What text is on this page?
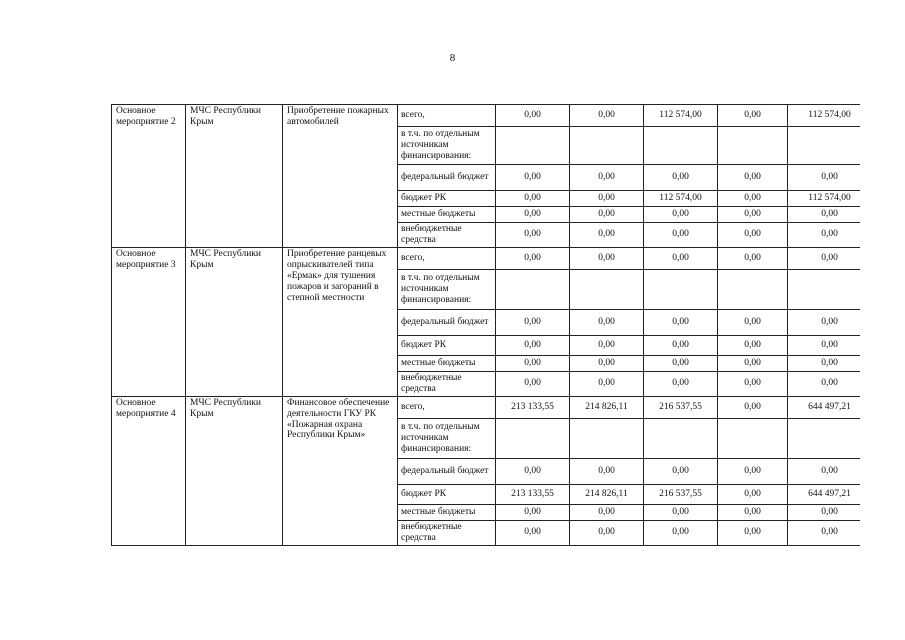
8
Основное мероприятие 2	МЧС Республики Крым	Приобретение пожарных автомобилей	всего,	0,00	0,00	112 574,00	0,00	112 574,00
			в т.ч. по отдельным источникам финансирования:					
			федеральный бюджет	0,00	0,00	0,00	0,00	0,00
			бюджет РК	0,00	0,00	112 574,00	0,00	112 574,00
			местные бюджеты	0,00	0,00	0,00	0,00	0,00
			внебюджетные средства	0,00	0,00	0,00	0,00	0,00
Основное мероприятие 3	МЧС Республики Крым	Приобретение ранцевых опрыскивателей типа «Ермак» для тушения пожаров и загораний в степной местности	всего,	0,00	0,00	0,00	0,00	0,00
			в т.ч. по отдельным источникам финансирования:					
			федеральный бюджет	0,00	0,00	0,00	0,00	0,00
			бюджет РК	0,00	0,00	0,00	0,00	0,00
			местные бюджеты	0,00	0,00	0,00	0,00	0,00
			внебюджетные средства	0,00	0,00	0,00	0,00	0,00
Основное мероприятие 4	МЧС Республики Крым	Финансовое обеспечение деятельности ГКУ РК «Пожарная охрана Республики Крым»	всего,	213 133,55	214 826,11	216 537,55	0,00	644 497,21
			в т.ч. по отдельным источникам финансирования:					
			федеральный бюджет	0,00	0,00	0,00	0,00	0,00
			бюджет РК	213 133,55	214 826,11	216 537,55	0,00	644 497,21
			местные бюджеты	0,00	0,00	0,00	0,00	0,00
			внебюджетные средства	0,00	0,00	0,00	0,00	0,00
